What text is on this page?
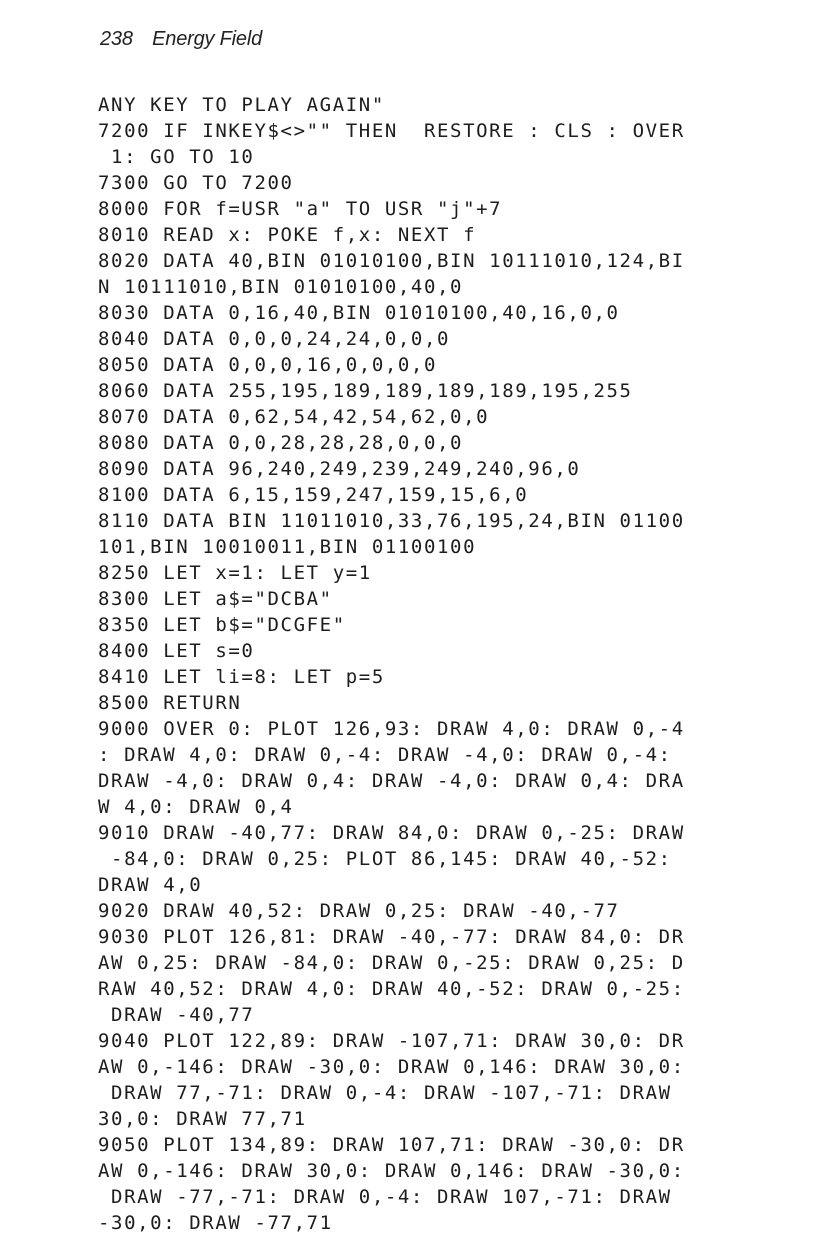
238 Energy Field
ANY KEY TO PLAY AGAIN"
7200 IF INKEY$<>"" THEN  RESTORE : CLS : OVER
1: GO TO 10
7300 GO TO 7200
8000 FOR f=USR "a" TO USR "j"+7
8010 READ x: POKE f,x: NEXT f
8020 DATA 40,BIN 01010100,BIN 10111010,124,BI
N 10111010,BIN 01010100,40,0
8030 DATA 0,16,40,BIN 01010100,40,16,0,0
8040 DATA 0,0,0,24,24,0,0,0
8050 DATA 0,0,0,16,0,0,0,0
8060 DATA 255,195,189,189,189,189,195,255
8070 DATA 0,62,54,42,54,62,0,0
8080 DATA 0,0,28,28,28,0,0,0
8090 DATA 96,240,249,239,249,240,96,0
8100 DATA 6,15,159,247,159,15,6,0
8110 DATA BIN 11011010,33,76,195,24,BIN 01100
101,BIN 10010011,BIN 01100100
8250 LET x=1: LET y=1
8300 LET a$="DCBA"
8350 LET b$="DCGFE"
8400 LET s=0
8410 LET li=8: LET p=5
8500 RETURN
9000 OVER 0: PLOT 126,93: DRAW 4,0: DRAW 0,-4
: DRAW 4,0: DRAW 0,-4: DRAW -4,0: DRAW 0,-4:
DRAW -4,0: DRAW 0,4: DRAW -4,0: DRAW 0,4: DRA
W 4,0: DRAW 0,4
9010 DRAW -40,77: DRAW 84,0: DRAW 0,-25: DRAW
-84,0: DRAW 0,25: PLOT 86,145: DRAW 40,-52:
DRAW 4,0
9020 DRAW 40,52: DRAW 0,25: DRAW -40,-77
9030 PLOT 126,81: DRAW -40,-77: DRAW 84,0: DR
AW 0,25: DRAW -84,0: DRAW 0,-25: DRAW 0,25: D
RAW 40,52: DRAW 4,0: DRAW 40,-52: DRAW 0,-25:
DRAW -40,77
9040 PLOT 122,89: DRAW -107,71: DRAW 30,0: DR
AW 0,-146: DRAW -30,0: DRAW 0,146: DRAW 30,0:
DRAW 77,-71: DRAW 0,-4: DRAW -107,-71: DRAW
30,0: DRAW 77,71
9050 PLOT 134,89: DRAW 107,71: DRAW -30,0: DR
AW 0,-146: DRAW 30,0: DRAW 0,146: DRAW -30,0:
DRAW -77,-71: DRAW 0,-4: DRAW 107,-71: DRAW
-30,0: DRAW -77,71
